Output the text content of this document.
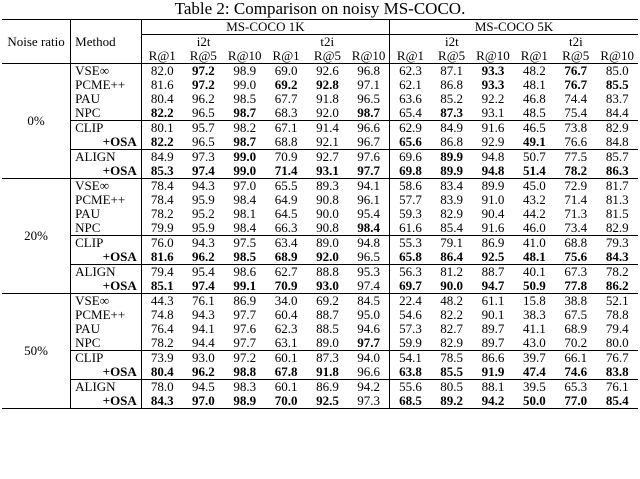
Table 2: Comparison on noisy MS-COCO.
Noise ratio	Method	MS-COCO 1K						MS-COCO 5K					
		i2t			t2i			i2t			t2i		
		R@1	R@5	R@10	R@1	R@5	R@10	R@1	R@5	R@10	R@1	R@5	R@10
0%	VSE∞	82.0	97.2	98.9	69.0	92.6	96.8	62.3	87.1	93.3	48.2	76.7	85.0
	PCME++	81.6	97.2	99.0	69.2	92.8	97.1	62.1	86.8	93.3	48.1	76.7	85.5
	PAU	80.4	96.2	98.5	67.7	91.8	96.5	63.6	85.2	92.2	46.8	74.4	83.7
	NPC	82.2	96.5	98.7	68.3	92.0	98.7	65.4	87.3	93.1	48.5	75.4	84.4
	CLIP	80.1	95.7	98.2	67.1	91.4	96.6	62.9	84.9	91.6	46.5	73.8	82.9
	+OSA	82.2	96.5	98.7	68.8	92.1	96.7	65.6	86.8	92.9	49.1	76.6	84.8
	ALIGN	84.9	97.3	99.0	70.9	92.7	97.6	69.6	89.9	94.8	50.7	77.5	85.7
	+OSA	85.3	97.4	99.0	71.4	93.1	97.7	69.8	89.9	94.8	51.4	78.2	86.3
20%	VSE∞	78.4	94.3	97.0	65.5	89.3	94.1	58.6	83.4	89.9	45.0	72.9	81.7
	PCME++	78.4	95.9	98.4	64.9	90.8	96.1	57.7	83.9	91.0	43.2	71.4	81.3
	PAU	78.2	95.2	98.1	64.5	90.0	95.4	59.3	82.9	90.4	44.2	71.3	81.5
	NPC	79.9	95.9	98.4	66.3	90.8	98.4	61.6	85.4	91.6	46.0	73.4	82.9
	CLIP	76.0	94.3	97.5	63.4	89.0	94.8	55.3	79.1	86.9	41.0	68.8	79.3
	+OSA	81.6	96.2	98.5	68.9	92.0	96.5	65.8	86.4	92.5	48.1	75.6	84.3
	ALIGN	79.4	95.4	98.6	62.7	88.8	95.3	56.3	81.2	88.7	40.1	67.3	78.2
	+OSA	85.1	97.4	99.1	70.9	93.0	97.4	69.7	90.0	94.7	50.9	77.8	86.2
50%	VSE∞	44.3	76.1	86.9	34.0	69.2	84.5	22.4	48.2	61.1	15.8	38.8	52.1
	PCME++	74.8	94.3	97.7	60.4	88.7	95.0	54.6	82.2	90.1	38.3	67.5	78.8
	PAU	76.4	94.1	97.6	62.3	88.5	94.6	57.3	82.7	89.7	41.1	68.9	79.4
	NPC	78.2	94.4	97.7	63.1	89.0	97.7	59.9	82.9	89.7	43.0	70.2	80.0
	CLIP	73.9	93.0	97.2	60.1	87.3	94.0	54.1	78.5	86.6	39.7	66.1	76.7
	+OSA	80.4	96.2	98.8	67.8	91.8	96.6	63.8	85.5	91.9	47.4	74.6	83.8
	ALIGN	78.0	94.5	98.3	60.1	86.9	94.2	55.6	80.5	88.1	39.5	65.3	76.1
	+OSA	84.3	97.0	98.9	70.0	92.5	97.3	68.5	89.2	94.2	50.0	77.0	85.4
